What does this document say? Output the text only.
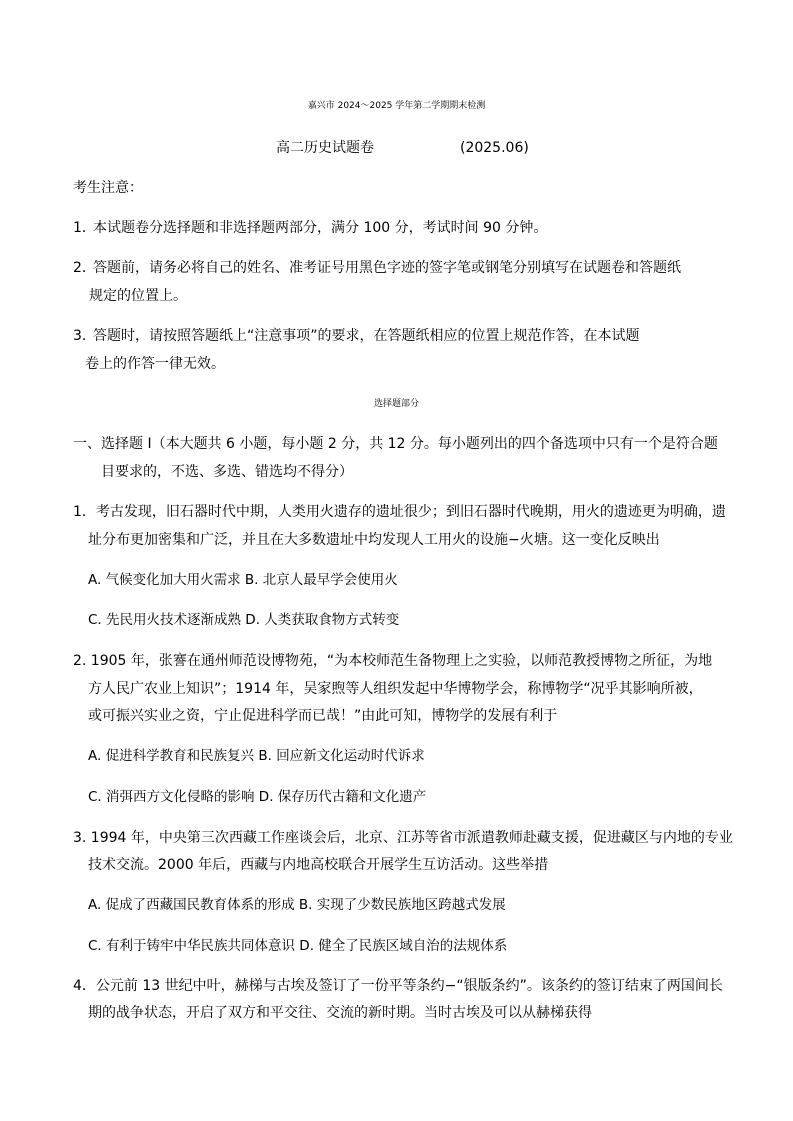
嘉兴市 2024～2025 学年第二学期期末检测
高二历史试题卷	(2025.06)
考生注意：
1．
本试题卷分选择题和非选择题两部分，满分 100 分，考试时间 90 分钟。
2．
答题前，请务必将自己的姓名、准考证号用黑色字迹的签字笔或钢笔分别填写在试题卷和答题纸
规定的位置上。
3．
答题时，请按照答题纸上“注意事项”的要求，在答题纸相应的位置上规范作答，在本试题
卷上的作答一律无效。
选择题部分
一、选择题 I（本大题共 6 小题，每小题 2 分，共 12 分。每小题列出的四个备选项中只有一个是符合题
目要求的，不选、多选、错选均不得分）
1．考古发现，旧石器时代中期，人类用火遗存的遗址很少；到旧石器时代晚期，用火的遗迹更为明确，遗
址分布更加密集和广泛，并且在大多数遗址中均发现人工用火的设施−火塘。这一变化反映出
A. 气候变化加大用火需求 B. 北京人最早学会使用火
C. 先民用火技术逐渐成熟 D. 人类获取食物方式转变
2. 1905 年，张謇在通州师范设博物苑，“为本校师范生备物理上之实验，以师范教授博物之所征，为地
方人民广农业上知识”；1914 年，吴家煦等人组织发起中华博物学会，称博物学“况乎其影响所被，
或可振兴实业之资，宁止促进科学而已哉！”由此可知，博物学的发展有利于
A. 促进科学教育和民族复兴 B. 回应新文化运动时代诉求
C. 消弭西方文化侵略的影响 D. 保存历代古籍和文化遗产
3. 1994 年，中央第三次西藏工作座谈会后，北京、江苏等省市派遣教师赴藏支援，促进藏区与内地的专业
技术交流。2000 年后，西藏与内地高校联合开展学生互访活动。这些举措
A. 促成了西藏国民教育体系的形成 B. 实现了少数民族地区跨越式发展
C. 有利于铸牢中华民族共同体意识 D. 健全了民族区域自治的法规体系
4．公元前 13 世纪中叶，赫梯与古埃及签订了一份平等条约−“银版条约”。该条约的签订结束了两国间长
期的战争状态，开启了双方和平交往、交流的新时期。当时古埃及可以从赫梯获得
